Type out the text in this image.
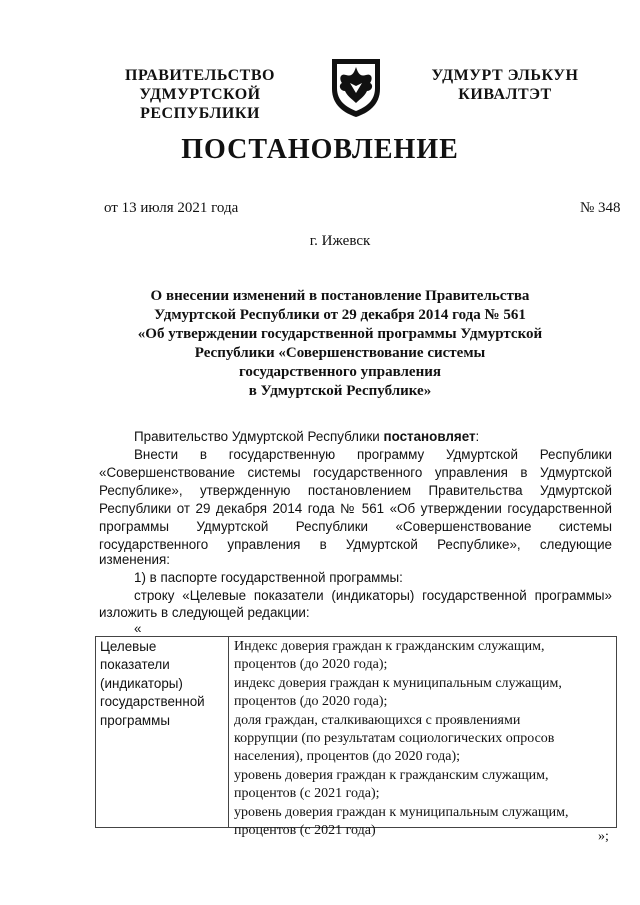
ПРАВИТЕЛЬСТВО
УДМУРТСКОЙ РЕСПУБЛИКИ
УДМУРТ ЭЛЬКУН
КИВАЛТЭТ
ПОСТАНОВЛЕНИЕ
от 13 июля 2021 года	№ 348
г. Ижевск
О внесении изменений в постановление Правительства
Удмуртской Республики от 29 декабря 2014 года № 561
«Об утверждении государственной программы Удмуртской
Республики «Совершенствование системы
государственного управления
в Удмуртской Республике»
Правительство Удмуртской Республики постановляет:
Внести в государственную программу Удмуртской Республики
«Совершенствование системы государственного управления в Удмуртской
Республике», утвержденную постановлением Правительства Удмуртской
Республики от 29 декабря 2014 года № 561 «Об утверждении государственной
программы Удмуртской Республики «Совершенствование системы
государственного управления в Удмуртской Республике», следующие
изменения:
1) в паспорте государственной программы:
строку «Целевые показатели (индикаторы) государственной программы»
изложить в следующей редакции:
«
Целевые
показатели
(индикаторы)
государственной
программы
Индекс доверия граждан к гражданским служащим,
процентов (до 2020 года);
индекс доверия граждан к муниципальным служащим,
процентов (до 2020 года);
доля граждан, сталкивающихся с проявлениями
коррупции (по результатам социологических опросов
населения), процентов (до 2020 года);
уровень доверия граждан к гражданским служащим,
процентов (с 2021 года);
уровень доверия граждан к муниципальным служащим,
процентов (с 2021 года)	»;
